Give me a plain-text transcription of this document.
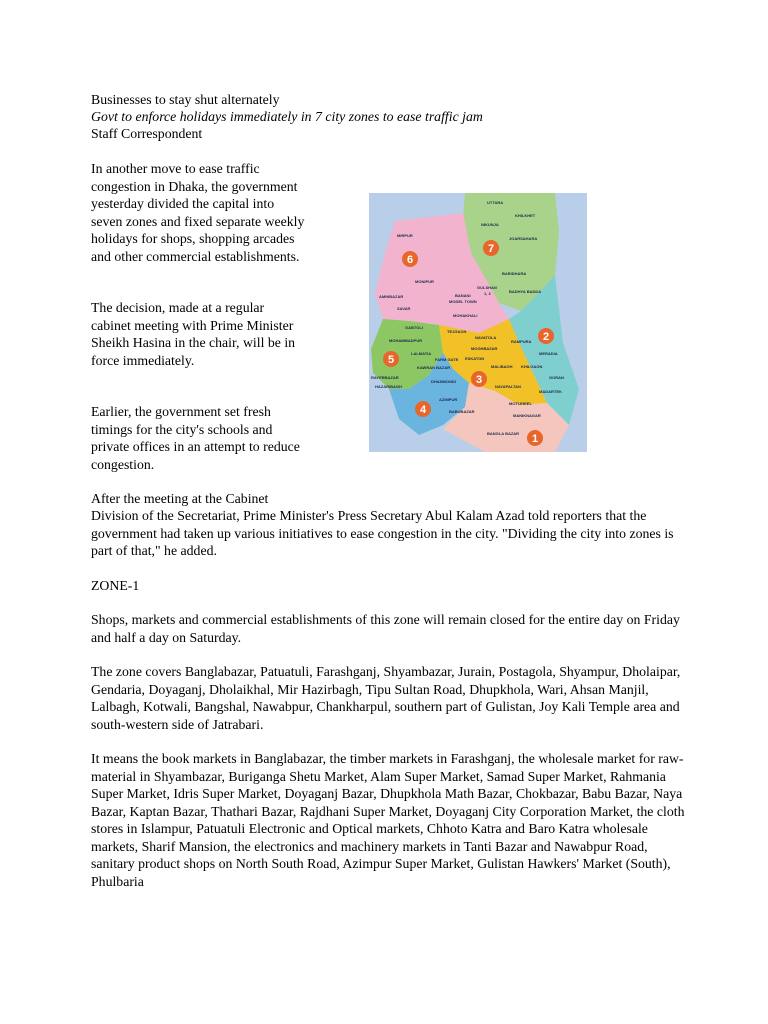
Businesses to stay shut alternately

Govt to enforce holidays immediately in 7 city zones to ease traffic jam

Staff Correspondent

In another move to ease traffic congestion in Dhaka, the government yesterday divided the capital into seven zones and fixed separate weekly holidays for shops, shopping arcades and other commercial establishments.

The decision, made at a regular cabinet meeting with Prime Minister Sheikh Hasina in the chair, will be in force immediately.

Earlier, the government set fresh timings for the city's schools and private offices in an attempt to reduce congestion.

After the meeting at the Cabinet

Division of the Secretariat, Prime Minister's Press Secretary Abul Kalam Azad told reporters that the government had taken up various initiatives to ease congestion in the city. "Dividing the city into zones is part of that," he added.

ZONE-1

Shops, markets and commercial establishments of this zone will remain closed for the entire day on Friday and half a day on Saturday.

The zone covers Banglabazar, Patuatuli, Farashganj, Shyambazar, Jurain, Postagola, Shyampur, Dholaipar, Gendaria, Doyaganj, Dholaikhal, Mir Hazirbagh, Tipu Sultan Road, Dhupkhola, Wari, Ahsan Manjil, Lalbagh, Kotwali, Bangshal, Nawabpur, Chankharpul, southern part of Gulistan, Joy Kali Temple area and south-western side of Jatrabari.

It means the book markets in Banglabazar, the timber markets in Farashganj, the wholesale market for raw-material in Shyambazar, Buriganga Shetu Market, Alam Super Market, Samad Super Market, Rahmania Super Market, Idris Super Market, Doyaganj Bazar, Dhupkhola Math Bazar, Chokbazar, Babu Bazar, Naya Bazar, Kaptan Bazar, Thathari Bazar, Rajdhani Super Market, Doyaganj City Corporation Market, the cloth stores in Islampur, Patuatuli Electronic and Optical markets, Chhoto Katra and Baro Katra wholesale markets, Sharif Mansion, the electronics and machinery markets in Tanti Bazar and Nawabpur Road, sanitary product shops on North South Road, Azimpur Super Market, Gulistan Hawkers' Market (South), Phulbaria

UTTARA
KHILKHET
NIKUNJA
JOARSAHARA
MIRPUR
BARIDHARA
BADHYA BADDA
GULSHAN
1, 2
MONIPUR
BANANI
MODEL TOWN
AMINBAZAR
MOHAKHALI
RAMPURA
SAVAR
GABTOLI
TEJGAON
NAVATOLA
MOHAMMADPUR
MOGHBAZAR
MERADIA
LALMATIA
FARM GATE ESKATON
KHILGAON
RAYERBAZAR
KAWRAN BAZAR	MALIBAGH
GORAN
HAZARIBAGH
DHANMONDI
NAYAPALTAN
MADARTEK
AZIMPUR
MOTIJHEEL
BABUBAZAR
MANIKNAGAR
BANGLA BAZAR 1
2
3
4
5
6
7
